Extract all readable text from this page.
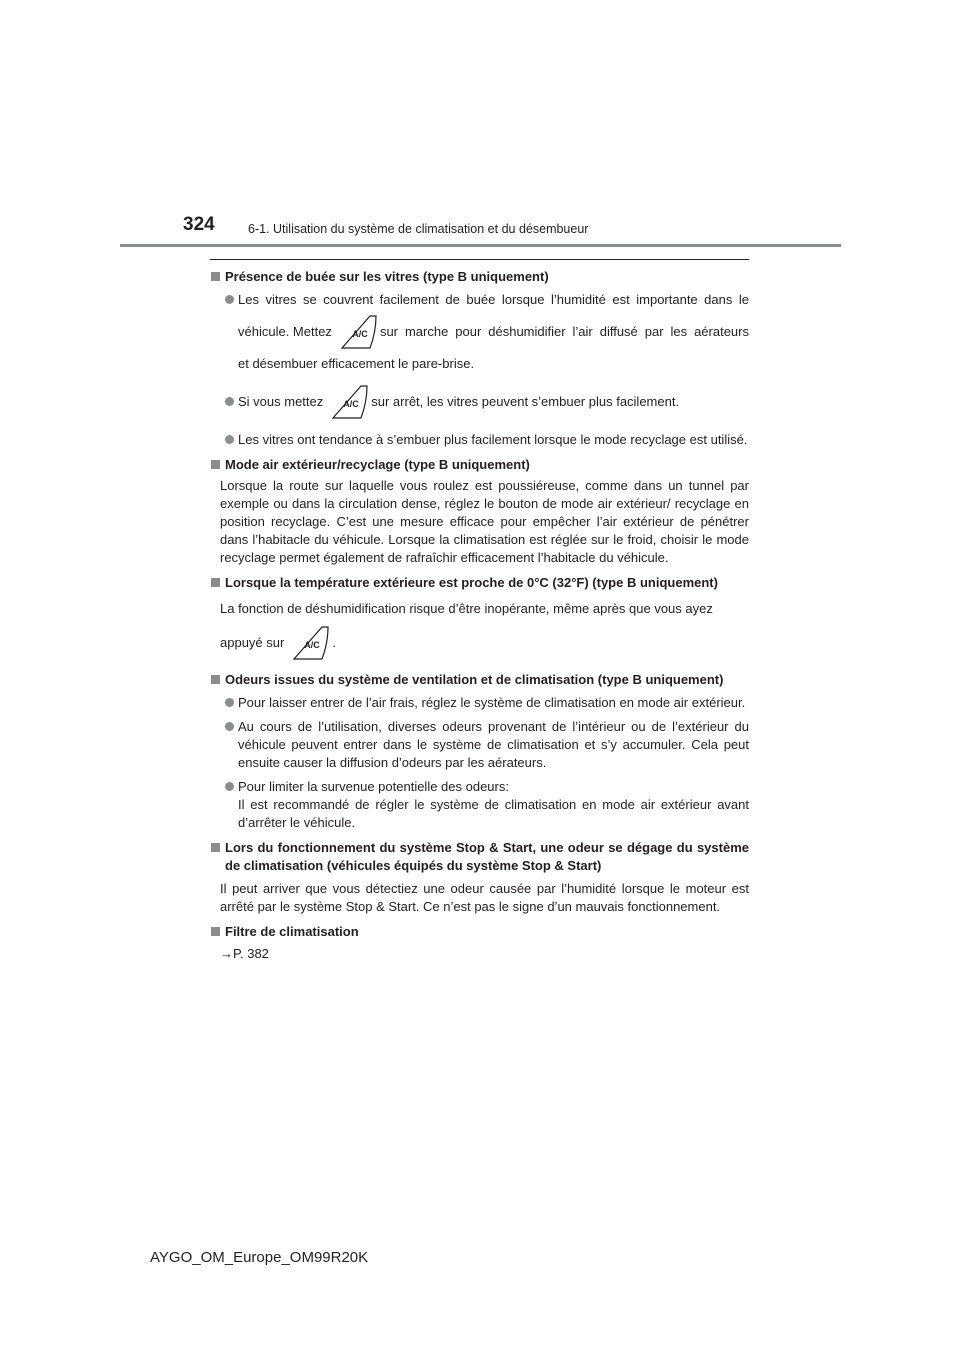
324	6-1. Utilisation du système de climatisation et du désembueur
Présence de buée sur les vitres (type B uniquement)
Les vitres se couvrent facilement de buée lorsque l’humidité est importante dans le
véhicule. Mettez A/C sur marche pour déshumidifier l’air diffusé par les aérateurs
et désembuer efficacement le pare-brise.
Si vous mettez A/C sur arrêt, les vitres peuvent s’embuer plus facilement.
Les vitres ont tendance à s’embuer plus facilement lorsque le mode recyclage est utilisé.
Mode air extérieur/recyclage (type B uniquement)
Lorsque la route sur laquelle vous roulez est poussiéreuse, comme dans un tunnel par exemple ou dans la circulation dense, réglez le bouton de mode air extérieur/ recyclage en position recyclage. C’est une mesure efficace pour empêcher l’air extérieur de pénétrer dans l’habitacle du véhicule. Lorsque la climatisation est réglée sur le froid, choisir le mode recyclage permet également de rafraîchir efficacement l’habitacle du véhicule.
Lorsque la température extérieure est proche de 0°C (32°F) (type B uniquement)
La fonction de déshumidification risque d’être inopérante, même après que vous ayez
appuyé sur A/C .
Odeurs issues du système de ventilation et de climatisation (type B uniquement)
Pour laisser entrer de l’air frais, réglez le système de climatisation en mode air extérieur.
Au cours de l’utilisation, diverses odeurs provenant de l’intérieur ou de l’extérieur du véhicule peuvent entrer dans le système de climatisation et s’y accumuler. Cela peut ensuite causer la diffusion d’odeurs par les aérateurs.
Pour limiter la survenue potentielle des odeurs:
Il est recommandé de régler le système de climatisation en mode air extérieur avant d’arrêter le véhicule.
Lors du fonctionnement du système Stop & Start, une odeur se dégage du système de climatisation (véhicules équipés du système Stop & Start)
Il peut arriver que vous détectiez une odeur causée par l’humidité lorsque le moteur est arrêté par le système Stop & Start. Ce n’est pas le signe d’un mauvais fonctionnement.
Filtre de climatisation
→P. 382
AYGO_OM_Europe_OM99R20K
